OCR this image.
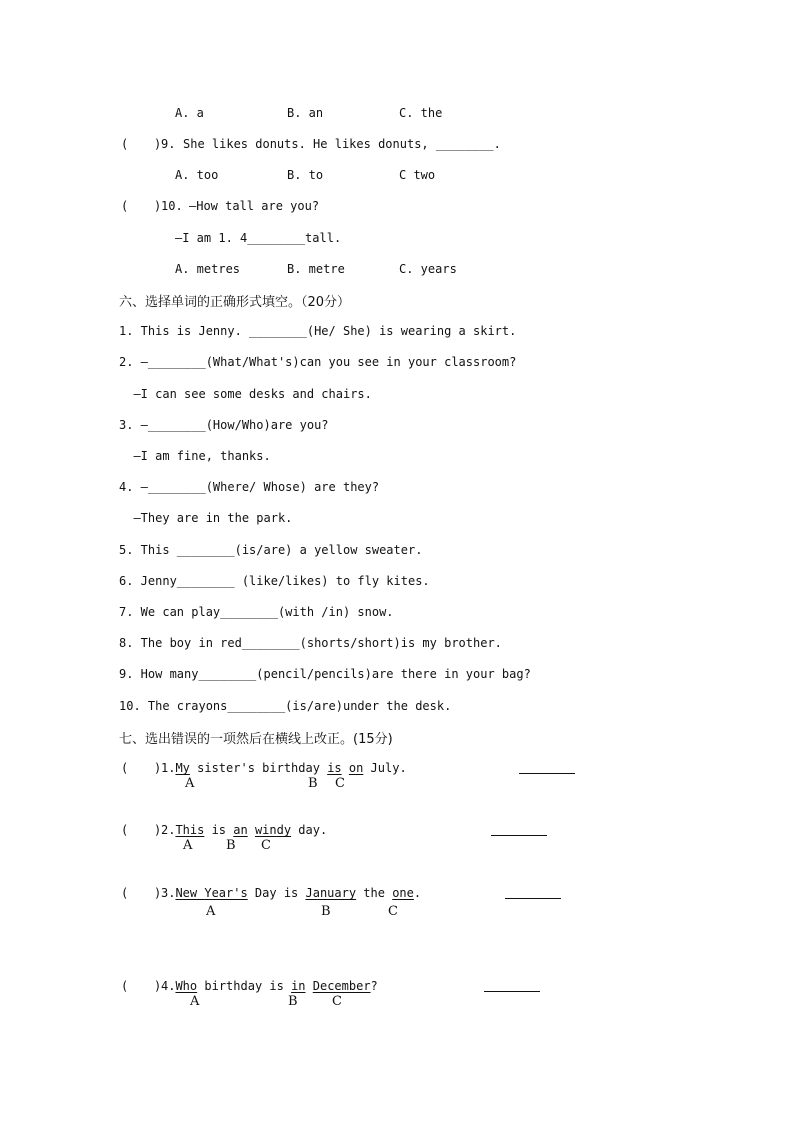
A. a	B. an	C. the
( ) 9. She likes donuts. He likes donuts, ________.
A. too	B. to	C two
( ) 10. —How tall are you?
—I am 1. 4________tall.
A. metres	B. metre	C. years
六、选择单词的正确形式填空。（20分）
1. This is Jenny. ________(He/ She) is wearing a skirt.
2. —________(What/What's)can you see in your classroom?
—I can see some desks and chairs.
3. —________(How/Who)are you?
—I am fine, thanks.
4. —________(Where/ Whose) are they?
—They are in the park.
5. This ________(is/are) a yellow sweater.
6. Jenny________ (like/likes) to fly kites.
7. We can play________(with /in) snow.
8. The boy in red________(shorts/short)is my brother.
9. How many________(pencil/pencils)are there in your bag?
10. The crayons________(is/are)under the desk.
七、选出错误的一项然后在横线上改正。(15分)
( ) 1.My sister's birthday is on July.
A	B C
( ) 2.This is an windy day.
A	B C
( ) 3.New Year's Day is January the one.
A	B	C
( ) 4.Who birthday is in December?
A	B	C
